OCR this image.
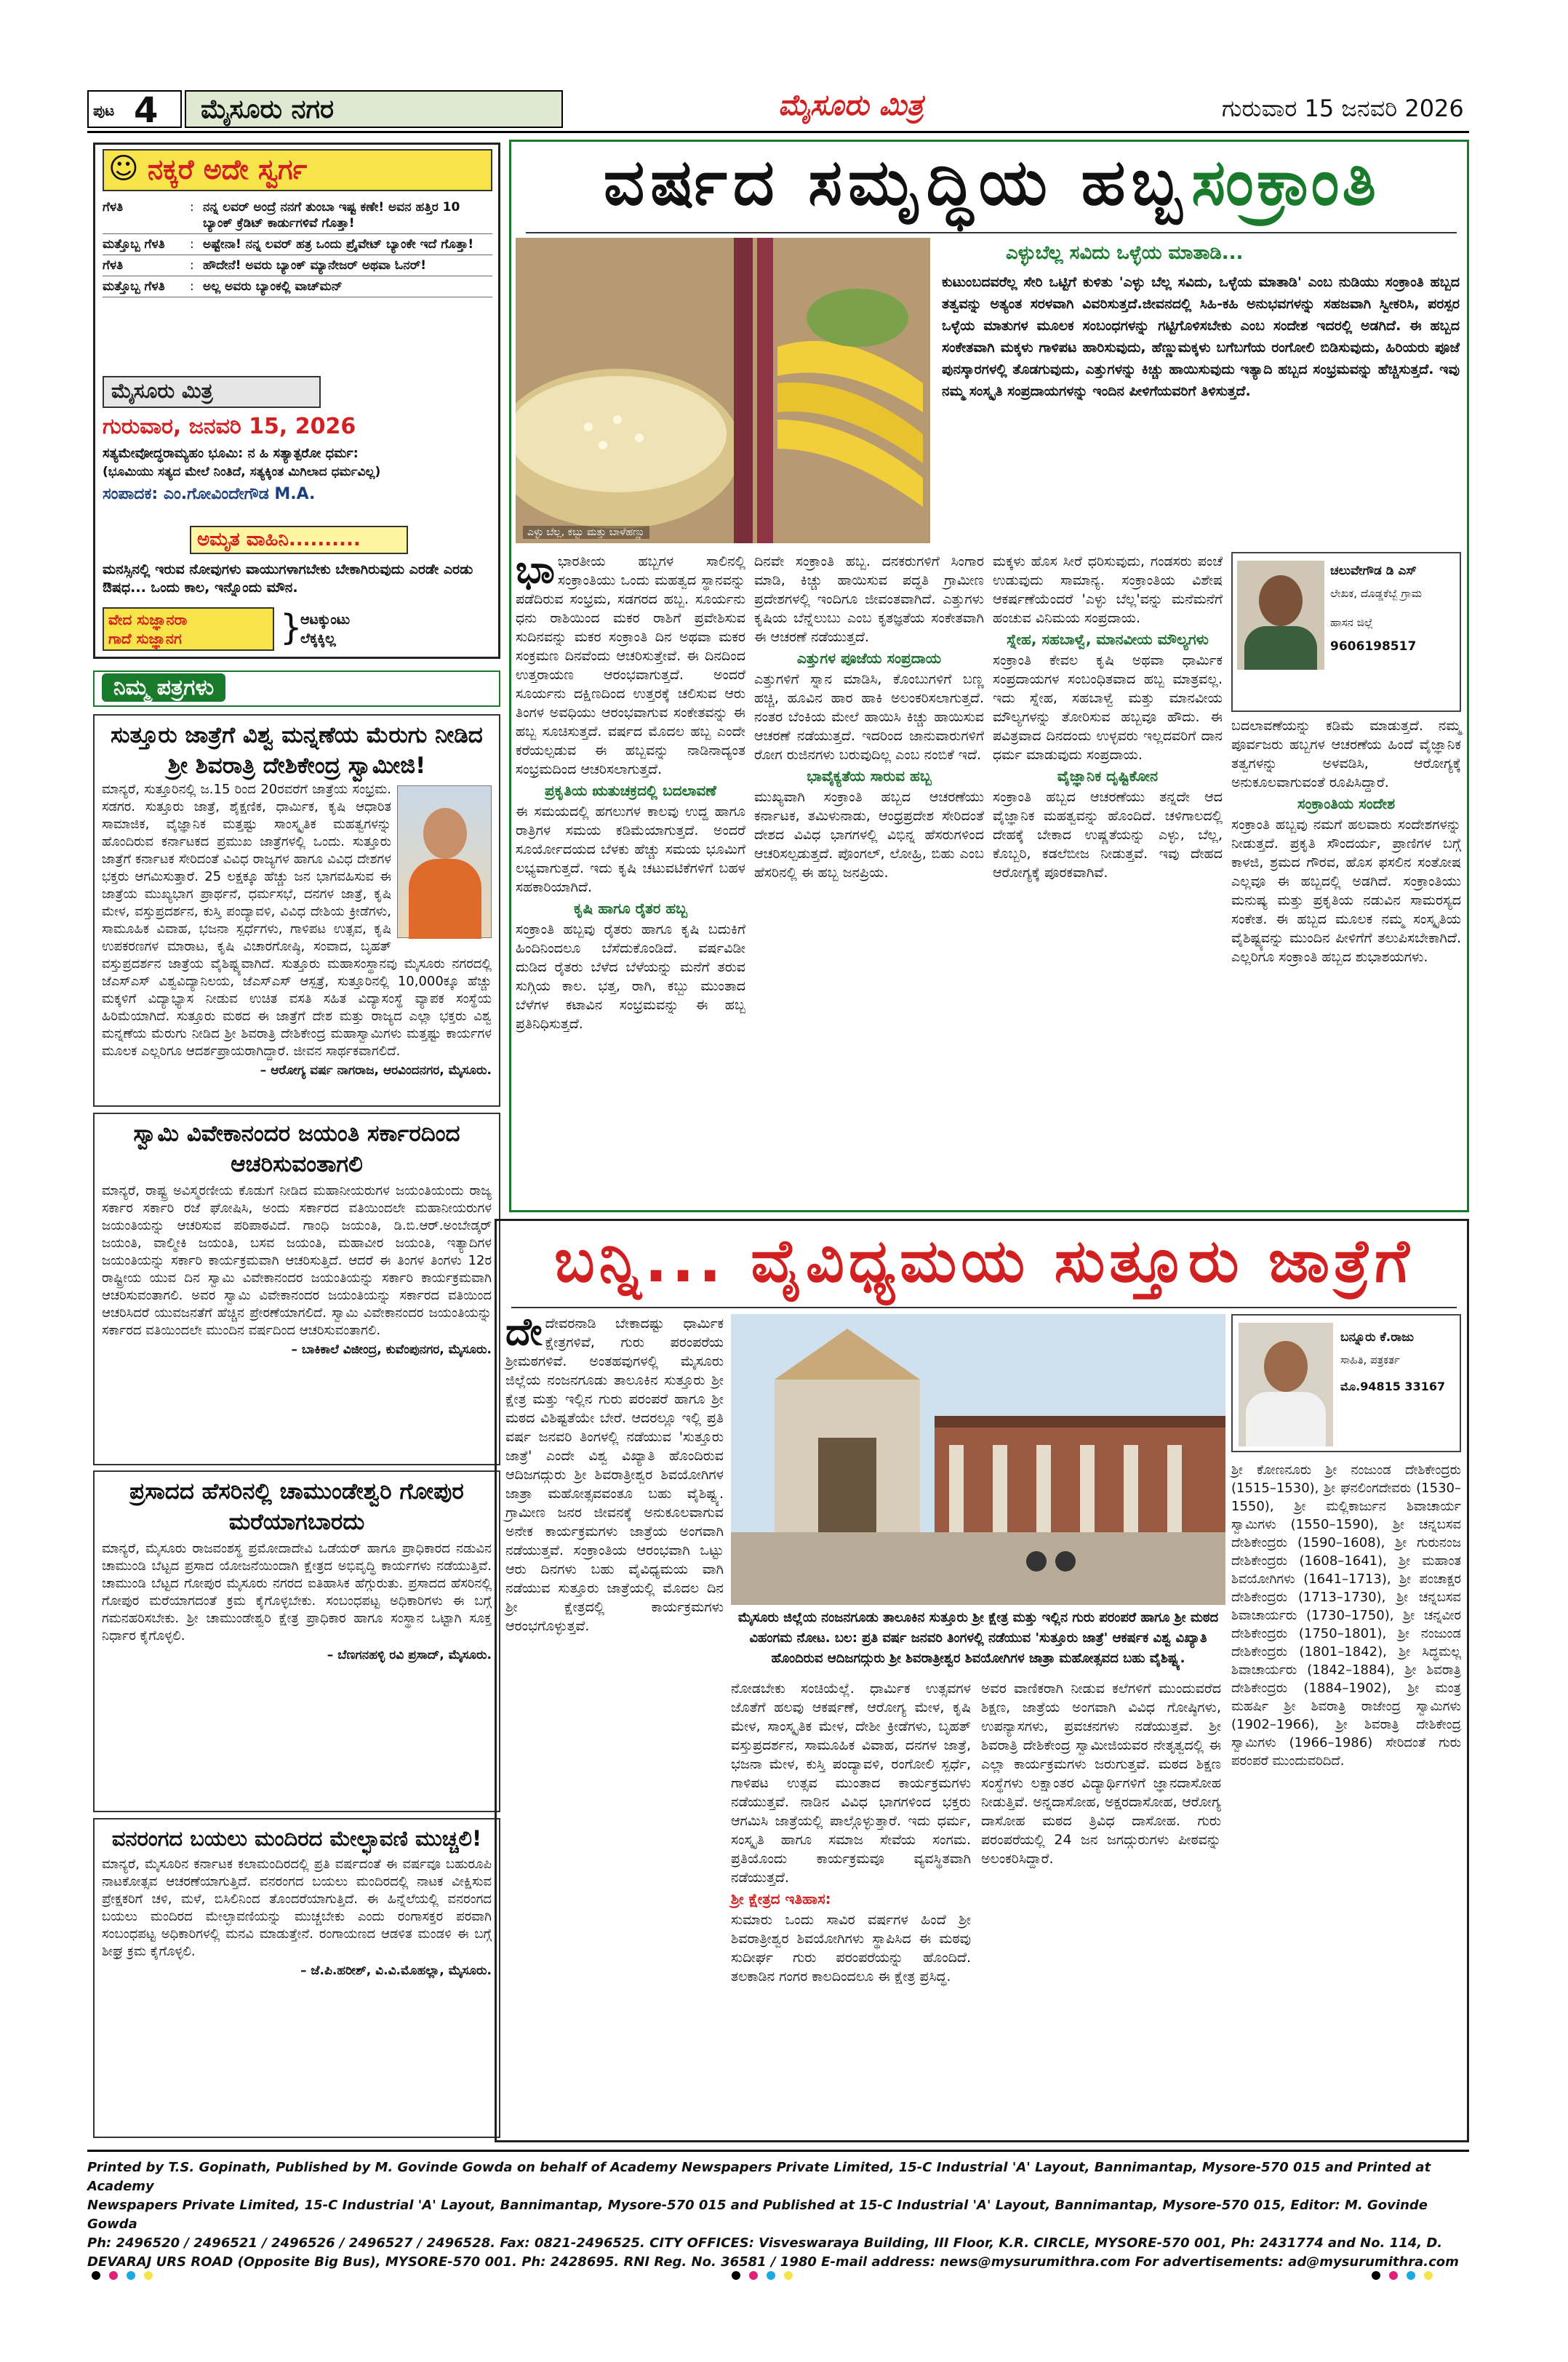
ಪುಟ 4 ಮೈಸೂರು ನಗರ	ಮೈಸೂರು ಮಿತ್ರ	ಗುರುವಾರ 15 ಜನವರಿ 2026
☺ ನಕ್ಕರೆ ಅದೇ ಸ್ವರ್ಗ
ಗೆಳತಿ	: ನನ್ನ ಲವರ್ ಅಂದ್ರೆ ನನಗೆ ತುಂಬಾ ಇಷ್ಟ ಕಣೇ! ಅವನ ಹತ್ತಿರ 10 ಬ್ಯಾಂಕ್ ಕ್ರೆಡಿಟ್ ಕಾರ್ಡುಗಳಿವೆ ಗೊತ್ತಾ!
ಮತ್ತೊಬ್ಬ ಗೆಳತಿ	: ಅಷ್ಟೇನಾ! ನನ್ನ ಲವರ್ ಹತ್ರ ಒಂದು ಪ್ರೈವೇಟ್ ಬ್ಯಾಂಕೇ ಇದೆ ಗೊತ್ತಾ!
ಗೆಳತಿ	: ಹೌದೇನೆ! ಅವರು ಬ್ಯಾಂಕ್ ಮ್ಯಾನೇಜರ್ ಅಥವಾ ಓನರ್!
ಮತ್ತೊಬ್ಬ ಗೆಳತಿ	: ಅಲ್ಲ ಅವರು ಬ್ಯಾಂಕಲ್ಲಿ ವಾಚ್‌ಮನ್
ಮೈಸೂರು ಮಿತ್ರ
ಗುರುವಾರ, ಜನವರಿ 15, 2026
ಸತ್ಯಮೇವೋದ್ಧರಾಮ್ಯಹಂ ಭೂಮಿ: ನ ಹಿ ಸತ್ಯಾತ್ಪರೋ ಧರ್ಮ:
(ಭೂಮಿಯು ಸತ್ಯದ ಮೇಲೆ ನಿಂತಿದೆ, ಸತ್ಯಕ್ಕಿಂತ ಮಿಗಿಲಾದ ಧರ್ಮವಿಲ್ಲ)
ಸಂಪಾದಕ: ಎಂ.ಗೋವಿಂದೇಗೌಡ M.A.
ಅಮೃತ ವಾಹಿನಿ..........
ಮನಸ್ಸಿನಲ್ಲಿ ಇರುವ ನೋವುಗಳು ವಾಯುಗಳಾಗಬೇಕು ಬೇಕಾಗಿರುವುದು ಎರಡೇ ಎರಡು ಔಷಧ... ಒಂದು ಕಾಲ, ಇನ್ನೊಂದು ಮೌನ.
ವೇದ ಸುಜ್ಞಾನರಾ
ಗಾದೆ ಸುಜ್ಞಾನಗ	}
ಆಟಕ್ಕುಂಟು
ಲೆಕ್ಕಕ್ಕಿಲ್ಲ
ನಿಮ್ಮ ಪತ್ರಗಳು
ಸುತ್ತೂರು ಜಾತ್ರೆಗೆ ವಿಶ್ವ ಮನ್ನಣೆಯ ಮೆರುಗು ನೀಡಿದ ಶ್ರೀ ಶಿವರಾತ್ರಿ ದೇಶಿಕೇಂದ್ರ ಸ್ವಾಮೀಜಿ!
ಮಾನ್ಯರೆ, ಸುತ್ತೂರಿನಲ್ಲಿ ಜ.15 ರಿಂದ 20ರವರೆಗೆ ಜಾತ್ರೆಯ ಸಂಭ್ರಮ. ಸಡಗರ. ಸುತ್ತೂರು ಜಾತ್ರೆ, ಶೈಕ್ಷಣಿಕ, ಧಾರ್ಮಿಕ, ಕೃಷಿ ಆಧಾರಿತ ಸಾಮಾಜಿಕ, ವೈಜ್ಞಾನಿಕ ಮತ್ತಷ್ಟು ಸಾಂಸ್ಕೃತಿಕ ಮಹತ್ವಗಳನ್ನು ಹೊಂದಿರುವ ಕರ್ನಾಟಕದ ಪ್ರಮುಖ ಜಾತ್ರೆಗಳಲ್ಲಿ ಒಂದು. ಸುತ್ತೂರು ಜಾತ್ರೆಗೆ ಕರ್ನಾಟಕ ಸೇರಿದಂತೆ ವಿವಿಧ ರಾಜ್ಯಗಳ ಹಾಗೂ ವಿವಿಧ ದೇಶಗಳ ಭಕ್ತರು ಆಗಮಿಸುತ್ತಾರೆ. 25 ಲಕ್ಷಕ್ಕೂ ಹೆಚ್ಚು ಜನ ಭಾಗವಹಿಸುವ ಈ ಜಾತ್ರೆಯ ಮುಖ್ಯಭಾಗ ಪ್ರಾರ್ಥನೆ, ಧರ್ಮಸಭೆ, ದನಗಳ ಜಾತ್ರೆ, ಕೃಷಿ ಮೇಳ, ವಸ್ತುಪ್ರದರ್ಶನ, ಕುಸ್ತಿ ಪಂದ್ಯಾವಳಿ, ವಿವಿಧ ದೇಶಿಯ ಕ್ರೀಡೆಗಳು, ಸಾಮೂಹಿಕ ವಿವಾಹ, ಭಜನಾ ಸ್ಪರ್ಧೆಗಳು, ಗಾಳಿಪಟ ಉತ್ಸವ, ಕೃಷಿ ಉಪಕರಣಗಳ ಮಾರಾಟ, ಕೃಷಿ ವಿಚಾರಗೋಷ್ಠಿ, ಸಂವಾದ, ಬೃಹತ್ ವಸ್ತುಪ್ರದರ್ಶನ ಜಾತ್ರೆಯ ವೈಶಿಷ್ಟ್ಯವಾಗಿದೆ. ಸುತ್ತೂರು ಮಹಾಸಂಸ್ಥಾನವು ಮೈಸೂರು ನಗರದಲ್ಲಿ ಜೆಎಸ್ಎಸ್ ವಿಶ್ವವಿದ್ಯಾನಿಲಯ, ಜೆಎಸ್ಎಸ್ ಆಸ್ಪತ್ರೆ, ಸುತ್ತೂರಿನಲ್ಲಿ 10,000ಕ್ಕೂ ಹೆಚ್ಚು ಮಕ್ಕಳಿಗೆ ವಿದ್ಯಾಭ್ಯಾಸ ನೀಡುವ ಉಚಿತ ವಸತಿ ಸಹಿತ ವಿದ್ಯಾಸಂಸ್ಥೆ ವ್ಯಾಪಕ ಸಂಸ್ಥೆಯ ಹಿರಿಮೆಯಾಗಿದೆ. ಸುತ್ತೂರು ಮಠದ ಈ ಜಾತ್ರೆಗೆ ದೇಶ ಮತ್ತು ರಾಜ್ಯದ ಎಲ್ಲಾ ಭಕ್ತರು ವಿಶ್ವ ಮನ್ನಣೆಯ ಮೆರುಗು ನೀಡಿದ ಶ್ರೀ ಶಿವರಾತ್ರಿ ದೇಶಿಕೇಂದ್ರ ಮಹಾಸ್ವಾಮಿಗಳು ಮತ್ತಷ್ಟು ಕಾರ್ಯಗಳ ಮೂಲಕ ಎಲ್ಲರಿಗೂ ಆದರ್ಶಪ್ರಾಯರಾಗಿದ್ದಾರೆ. ಜೀವನ ಸಾರ್ಥಕವಾಗಲಿದೆ.
– ಆರೋಗ್ಯ ವರ್ಷ ನಾಗರಾಜ, ಆರವಿಂದನಗರ, ಮೈಸೂರು.
ಸ್ವಾಮಿ ವಿವೇಕಾನಂದರ ಜಯಂತಿ ಸರ್ಕಾರದಿಂದ ಆಚರಿಸುವಂತಾಗಲಿ
ಮಾನ್ಯರೆ, ರಾಷ್ಟ್ರ ಅವಿಸ್ಮರಣೀಯ ಕೊಡುಗೆ ನೀಡಿದ ಮಹಾನೀಯರುಗಳ ಜಯಂತಿಯಂದು ರಾಜ್ಯ ಸರ್ಕಾರ ಸರ್ಕಾರಿ ರಜೆ ಘೋಷಿಸಿ, ಅಂದು ಸರ್ಕಾರದ ವತಿಯಿಂದಲೇ ಮಹಾನೀಯರುಗಳ ಜಯಂತಿಯನ್ನು ಆಚರಿಸುವ ಪರಿಪಾಠವಿದೆ. ಗಾಂಧಿ ಜಯಂತಿ, ಡಿ.ಬಿ.ಆರ್.ಅಂಬೇಡ್ಕರ್ ಜಯಂತಿ, ವಾಲ್ಮೀಕಿ ಜಯಂತಿ, ಬಸವ ಜಯಂತಿ, ಮಹಾವೀರ ಜಯಂತಿ, ಇತ್ಯಾದಿಗಳ ಜಯಂತಿಯನ್ನು ಸರ್ಕಾರಿ ಕಾರ್ಯಕ್ರಮವಾಗಿ ಆಚರಿಸುತ್ತಿದೆ. ಆದರೆ ಈ ತಿಂಗಳ ತಿಂಗಳು 12ರ ರಾಷ್ಟ್ರೀಯ ಯುವ ದಿನ ಸ್ವಾಮಿ ವಿವೇಕಾನಂದರ ಜಯಂತಿಯನ್ನು ಸರ್ಕಾರಿ ಕಾರ್ಯಕ್ರಮವಾಗಿ ಆಚರಿಸುವಂತಾಗಲಿ. ಅವರ ಸ್ವಾಮಿ ವಿವೇಕಾನಂದರ ಜಯಂತಿಯನ್ನು ಸರ್ಕಾರದ ವತಿಯಿಂದ ಆಚರಿಸಿದರೆ ಯುವಜನತೆಗೆ ಹೆಚ್ಚಿನ ಪ್ರೇರಣೆಯಾಗಲಿದೆ. ಸ್ವಾಮಿ ವಿವೇಕಾನಂದರ ಜಯಂತಿಯನ್ನು ಸರ್ಕಾರದ ವತಿಯಿಂದಲೇ ಮುಂದಿನ ವರ್ಷದಿಂದ ಆಚರಿಸುವಂತಾಗಲಿ.
– ಬಾಕಿಕಾಲೆ ವಿಜೀಂದ್ರ, ಕುವೆಂಪುನಗರ, ಮೈಸೂರು.
ಪ್ರಸಾದದ ಹೆಸರಿನಲ್ಲಿ ಚಾಮುಂಡೇಶ್ವರಿ ಗೋಪುರ ಮರೆಯಾಗಬಾರದು
ಮಾನ್ಯರೆ, ಮೈಸೂರು ರಾಜವಂಶಸ್ಥ ಪ್ರಮೋದಾದೇವಿ ಒಡೆಯರ್ ಹಾಗೂ ಪ್ರಾಧಿಕಾರದ ನಡುವಿನ ಚಾಮುಂಡಿ ಬೆಟ್ಟದ ಪ್ರಸಾದ ಯೋಜನೆಯಿಂದಾಗಿ ಕ್ಷೇತ್ರದ ಅಭಿವೃದ್ಧಿ ಕಾರ್ಯಗಳು ನಡೆಯುತ್ತಿವೆ. ಚಾಮುಂಡಿ ಬೆಟ್ಟದ ಗೋಪುರ ಮೈಸೂರು ನಗರದ ಐತಿಹಾಸಿಕ ಹೆಗ್ಗುರುತು. ಪ್ರಸಾದದ ಹೆಸರಿನಲ್ಲಿ ಗೋಪುರ ಮರೆಯಾಗದಂತೆ ಕ್ರಮ ಕೈಗೊಳ್ಳಬೇಕು. ಸಂಬಂಧಪಟ್ಟ ಅಧಿಕಾರಿಗಳು ಈ ಬಗ್ಗೆ ಗಮನಹರಿಸಬೇಕು. ಶ್ರೀ ಚಾಮುಂಡೇಶ್ವರಿ ಕ್ಷೇತ್ರ ಪ್ರಾಧಿಕಾರ ಹಾಗೂ ಸಂಸ್ಥಾನ ಒಟ್ಟಾಗಿ ಸೂಕ್ತ ನಿರ್ಧಾರ ಕೈಗೊಳ್ಳಲಿ.
– ಬೆಣಗನಹಳ್ಳಿ ರವಿ ಪ್ರಸಾದ್, ಮೈಸೂರು.
ವನರಂಗದ ಬಯಲು ಮಂದಿರದ ಮೇಲ್ಛಾವಣಿ ಮುಚ್ಚಲಿ!
ಮಾನ್ಯರೆ, ಮೈಸೂರಿನ ಕರ್ನಾಟಕ ಕಲಾಮಂದಿರದಲ್ಲಿ ಪ್ರತಿ ವರ್ಷದಂತೆ ಈ ವರ್ಷವೂ ಬಹುರೂಪಿ ನಾಟಕೋತ್ಸವ ಆಚರಣೆಯಾಗುತ್ತಿದೆ. ವನರಂಗದ ಬಯಲು ಮಂದಿರದಲ್ಲಿ ನಾಟಕ ವೀಕ್ಷಿಸುವ ಪ್ರೇಕ್ಷಕರಿಗೆ ಚಳಿ, ಮಳೆ, ಬಿಸಿಲಿನಿಂದ ತೊಂದರೆಯಾಗುತ್ತಿದೆ. ಈ ಹಿನ್ನೆಲೆಯಲ್ಲಿ ವನರಂಗದ ಬಯಲು ಮಂದಿರದ ಮೇಲ್ಛಾವಣಿಯನ್ನು ಮುಚ್ಚಬೇಕು ಎಂದು ರಂಗಾಸಕ್ತರ ಪರವಾಗಿ ಸಂಬಂಧಪಟ್ಟ ಅಧಿಕಾರಿಗಳಲ್ಲಿ ಮನವಿ ಮಾಡುತ್ತೇನೆ. ರಂಗಾಯಣದ ಆಡಳಿತ ಮಂಡಳಿ ಈ ಬಗ್ಗೆ ಶೀಘ್ರ ಕ್ರಮ ಕೈಗೊಳ್ಳಲಿ.
– ಜೆ.ಪಿ.ಹರೀಶ್, ವಿ.ವಿ.ಮೊಹಲ್ಲಾ, ಮೈಸೂರು.
ವರ್ಷದ ಸಮೃದ್ಧಿಯ ಹಬ್ಬ ಸಂಕ್ರಾಂತಿ
ಎಳ್ಳು ಬೆಲ್ಲ, ಕಬ್ಬು ಮತ್ತು ಬಾಳೆಹಣ್ಣು
ಎಳ್ಳುಬೆಲ್ಲ ಸವಿದು ಒಳ್ಳೆಯ ಮಾತಾಡಿ...
ಕುಟುಂಬದವರೆಲ್ಲ ಸೇರಿ ಒಟ್ಟಿಗೆ ಕುಳಿತು 'ಎಳ್ಳು ಬೆಲ್ಲ ಸವಿದು, ಒಳ್ಳೆಯ ಮಾತಾಡಿ' ಎಂಬ ನುಡಿಯು ಸಂಕ್ರಾಂತಿ ಹಬ್ಬದ ತತ್ವವನ್ನು ಅತ್ಯಂತ ಸರಳವಾಗಿ ವಿವರಿಸುತ್ತದೆ.ಜೀವನದಲ್ಲಿ ಸಿಹಿ-ಕಹಿ ಅನುಭವಗಳನ್ನು ಸಹಜವಾಗಿ ಸ್ವೀಕರಿಸಿ, ಪರಸ್ಪರ ಒಳ್ಳೆಯ ಮಾತುಗಳ ಮೂಲಕ ಸಂಬಂಧಗಳನ್ನು ಗಟ್ಟಿಗೊಳಿಸಬೇಕು ಎಂಬ ಸಂದೇಶ ಇದರಲ್ಲಿ ಅಡಗಿದೆ. ಈ ಹಬ್ಬದ ಸಂಕೇತವಾಗಿ ಮಕ್ಕಳು ಗಾಳಿಪಟ ಹಾರಿಸುವುದು, ಹೆಣ್ಣುಮಕ್ಕಳು ಬಗೆಬಗೆಯ ರಂಗೋಲಿ ಬಿಡಿಸುವುದು, ಹಿರಿಯರು ಪೂಜೆ ಪುನಸ್ಕಾರಗಳಲ್ಲಿ ತೊಡಗುವುದು, ಎತ್ತುಗಳನ್ನು ಕಿಚ್ಚು ಹಾಯಿಸುವುದು ಇತ್ಯಾದಿ ಹಬ್ಬದ ಸಂಭ್ರಮವನ್ನು ಹೆಚ್ಚಿಸುತ್ತದೆ. ಇವು ನಮ್ಮ ಸಂಸ್ಕೃತಿ ಸಂಪ್ರದಾಯಗಳನ್ನು ಇಂದಿನ ಪೀಳಿಗೆಯವರಿಗೆ ತಿಳಿಸುತ್ತದೆ.
ಭಾಭಾರತೀಯ ಹಬ್ಬಗಳ ಸಾಲಿನಲ್ಲಿ ಸಂಕ್ರಾಂತಿಯು ಒಂದು ಮಹತ್ವದ ಸ್ಥಾನವನ್ನು ಪಡೆದಿರುವ ಸಂಭ್ರಮ, ಸಡಗರದ ಹಬ್ಬ. ಸೂರ್ಯನು ಧನು ರಾಶಿಯಿಂದ ಮಕರ ರಾಶಿಗೆ ಪ್ರವೇಶಿಸುವ ಸುದಿನವನ್ನು ಮಕರ ಸಂಕ್ರಾಂತಿ ದಿನ ಅಥವಾ ಮಕರ ಸಂಕ್ರಮಣ ದಿನವೆಂದು ಆಚರಿಸುತ್ತೇವೆ. ಈ ದಿನದಿಂದ ಉತ್ತರಾಯಣ ಆರಂಭವಾಗುತ್ತದೆ. ಅಂದರೆ ಸೂರ್ಯನು ದಕ್ಷಿಣದಿಂದ ಉತ್ತರಕ್ಕೆ ಚಲಿಸುವ ಆರು ತಿಂಗಳ ಅವಧಿಯು ಆರಂಭವಾಗುವ ಸಂಕೇತವನ್ನು ಈ ಹಬ್ಬ ಸೂಚಿಸುತ್ತದೆ. ವರ್ಷದ ಮೊದಲ ಹಬ್ಬ ಎಂದೇ ಕರೆಯಲ್ಪಡುವ ಈ ಹಬ್ಬವನ್ನು ನಾಡಿನಾದ್ಯಂತ ಸಂಭ್ರಮದಿಂದ ಆಚರಿಸಲಾಗುತ್ತದೆ.
ಪ್ರಕೃತಿಯ ಋತುಚಕ್ರದಲ್ಲಿ ಬದಲಾವಣೆ
ಈ ಸಮಯದಲ್ಲಿ ಹಗಲುಗಳ ಕಾಲವು ಉದ್ದ ಹಾಗೂ ರಾತ್ರಿಗಳ ಸಮಯ ಕಡಿಮೆಯಾಗುತ್ತದೆ. ಅಂದರೆ ಸೂರ್ಯೋದಯದ ಬೆಳಕು ಹೆಚ್ಚು ಸಮಯ ಭೂಮಿಗೆ ಲಭ್ಯವಾಗುತ್ತದೆ. ಇದು ಕೃಷಿ ಚಟುವಟಿಕೆಗಳಿಗೆ ಬಹಳ ಸಹಕಾರಿಯಾಗಿದೆ.
ಕೃಷಿ ಹಾಗೂ ರೈತರ ಹಬ್ಬ
ಸಂಕ್ರಾಂತಿ ಹಬ್ಬವು ರೈತರು ಹಾಗೂ ಕೃಷಿ ಬದುಕಿಗೆ ಹಿಂದಿನಿಂದಲೂ ಬೆಸೆದುಕೊಂಡಿದೆ. ವರ್ಷವಿಡೀ ದುಡಿದ ರೈತರು ಬೆಳೆದ ಬೆಳೆಯನ್ನು ಮನೆಗೆ ತರುವ ಸುಗ್ಗಿಯ ಕಾಲ. ಭತ್ತ, ರಾಗಿ, ಕಬ್ಬು ಮುಂತಾದ ಬೆಳೆಗಳ ಕಟಾವಿನ ಸಂಭ್ರಮವನ್ನು ಈ ಹಬ್ಬ ಪ್ರತಿನಿಧಿಸುತ್ತದೆ.
ದಿನವೇ ಸಂಕ್ರಾಂತಿ ಹಬ್ಬ. ದನಕರುಗಳಿಗೆ ಸಿಂಗಾರ ಮಾಡಿ, ಕಿಚ್ಚು ಹಾಯಿಸುವ ಪದ್ಧತಿ ಗ್ರಾಮೀಣ ಪ್ರದೇಶಗಳಲ್ಲಿ ಇಂದಿಗೂ ಜೀವಂತವಾಗಿದೆ. ಎತ್ತುಗಳು ಕೃಷಿಯ ಬೆನ್ನೆಲುಬು ಎಂಬ ಕೃತಜ್ಞತೆಯ ಸಂಕೇತವಾಗಿ ಈ ಆಚರಣೆ ನಡೆಯುತ್ತದೆ.
ಎತ್ತುಗಳ ಪೂಜೆಯ ಸಂಪ್ರದಾಯ
ಎತ್ತುಗಳಿಗೆ ಸ್ನಾನ ಮಾಡಿಸಿ, ಕೊಂಬುಗಳಿಗೆ ಬಣ್ಣ ಹಚ್ಚಿ, ಹೂವಿನ ಹಾರ ಹಾಕಿ ಅಲಂಕರಿಸಲಾಗುತ್ತದೆ. ನಂತರ ಬೆಂಕಿಯ ಮೇಲೆ ಹಾಯಿಸಿ ಕಿಚ್ಚು ಹಾಯಿಸುವ ಆಚರಣೆ ನಡೆಯುತ್ತದೆ. ಇದರಿಂದ ಜಾನುವಾರುಗಳಿಗೆ ರೋಗ ರುಜಿನಗಳು ಬರುವುದಿಲ್ಲ ಎಂಬ ನಂಬಿಕೆ ಇದೆ.
ಭಾವೈಕ್ಯತೆಯ ಸಾರುವ ಹಬ್ಬ
ಮುಖ್ಯವಾಗಿ ಸಂಕ್ರಾಂತಿ ಹಬ್ಬದ ಆಚರಣೆಯು ಕರ್ನಾಟಕ, ತಮಿಳುನಾಡು, ಆಂಧ್ರಪ್ರದೇಶ ಸೇರಿದಂತೆ ದೇಶದ ವಿವಿಧ ಭಾಗಗಳಲ್ಲಿ ವಿಭಿನ್ನ ಹೆಸರುಗಳಿಂದ ಆಚರಿಸಲ್ಪಡುತ್ತದೆ. ಪೊಂಗಲ್, ಲೋಹ್ರಿ, ಬಿಹು ಎಂಬ ಹೆಸರಿನಲ್ಲಿ ಈ ಹಬ್ಬ ಜನಪ್ರಿಯ.
ಮಕ್ಕಳು ಹೊಸ ಸೀರೆ ಧರಿಸುವುದು, ಗಂಡಸರು ಪಂಚೆ ಉಡುವುದು ಸಾಮಾನ್ಯ. ಸಂಕ್ರಾಂತಿಯ ವಿಶೇಷ ಆಕರ್ಷಣೆಯೆಂದರೆ 'ಎಳ್ಳು ಬೆಲ್ಲ'ವನ್ನು ಮನೆಮನೆಗೆ ಹಂಚುವ ವಿನಿಮಯ ಸಂಪ್ರದಾಯ.
ಸ್ನೇಹ, ಸಹಬಾಳ್ವೆ, ಮಾನವೀಯ ಮೌಲ್ಯಗಳು
ಸಂಕ್ರಾಂತಿ ಕೇವಲ ಕೃಷಿ ಅಥವಾ ಧಾರ್ಮಿಕ ಸಂಪ್ರದಾಯಗಳ ಸಂಬಂಧಿತವಾದ ಹಬ್ಬ ಮಾತ್ರವಲ್ಲ. ಇದು ಸ್ನೇಹ, ಸಹಬಾಳ್ವೆ ಮತ್ತು ಮಾನವೀಯ ಮೌಲ್ಯಗಳನ್ನು ತೋರಿಸುವ ಹಬ್ಬವೂ ಹೌದು. ಈ ಪವಿತ್ರವಾದ ದಿನದಂದು ಉಳ್ಳವರು ಇಲ್ಲದವರಿಗೆ ದಾನ ಧರ್ಮ ಮಾಡುವುದು ಸಂಪ್ರದಾಯ.
ವೈಜ್ಞಾನಿಕ ದೃಷ್ಟಿಕೋನ
ಸಂಕ್ರಾಂತಿ ಹಬ್ಬದ ಆಚರಣೆಯು ತನ್ನದೇ ಆದ ವೈಜ್ಞಾನಿಕ ಮಹತ್ವವನ್ನು ಹೊಂದಿದೆ. ಚಳಿಗಾಲದಲ್ಲಿ ದೇಹಕ್ಕೆ ಬೇಕಾದ ಉಷ್ಣತೆಯನ್ನು ಎಳ್ಳು, ಬೆಲ್ಲ, ಕೊಬ್ಬರಿ, ಕಡಲೆಬೀಜ ನೀಡುತ್ತವೆ. ಇವು ದೇಹದ ಆರೋಗ್ಯಕ್ಕೆ ಪೂರಕವಾಗಿವೆ.
ಚಲುವೇಗೌಡ ಡಿ ಎಸ್
ಲೇಖಕ, ದೊಡ್ಡಕೆಬ್ಬೆ ಗ್ರಾಮ
ಹಾಸನ ಜಿಲ್ಲೆ
9606198517
ಬದಲಾವಣೆಯನ್ನು ಕಡಿಮೆ ಮಾಡುತ್ತದೆ. ನಮ್ಮ ಪೂರ್ವಜರು ಹಬ್ಬಗಳ ಆಚರಣೆಯ ಹಿಂದೆ ವೈಜ್ಞಾನಿಕ ತತ್ವಗಳನ್ನು ಅಳವಡಿಸಿ, ಆರೋಗ್ಯಕ್ಕೆ ಅನುಕೂಲವಾಗುವಂತೆ ರೂಪಿಸಿದ್ದಾರೆ.
ಸಂಕ್ರಾಂತಿಯ ಸಂದೇಶ
ಸಂಕ್ರಾಂತಿ ಹಬ್ಬವು ನಮಗೆ ಹಲವಾರು ಸಂದೇಶಗಳನ್ನು ನೀಡುತ್ತದೆ. ಪ್ರಕೃತಿ ಸೌಂದರ್ಯ, ಪ್ರಾಣಿಗಳ ಬಗ್ಗೆ ಕಾಳಜಿ, ಶ್ರಮದ ಗೌರವ, ಹೊಸ ಫಸಲಿನ ಸಂತೋಷ ಎಲ್ಲವೂ ಈ ಹಬ್ಬದಲ್ಲಿ ಅಡಗಿದೆ. ಸಂಕ್ರಾಂತಿಯು ಮನುಷ್ಯ ಮತ್ತು ಪ್ರಕೃತಿಯ ನಡುವಿನ ಸಾಮರಸ್ಯದ ಸಂಕೇತ. ಈ ಹಬ್ಬದ ಮೂಲಕ ನಮ್ಮ ಸಂಸ್ಕೃತಿಯ ವೈಶಿಷ್ಟ್ಯವನ್ನು ಮುಂದಿನ ಪೀಳಿಗೆಗೆ ತಲುಪಿಸಬೇಕಾಗಿದೆ. ಎಲ್ಲರಿಗೂ ಸಂಕ್ರಾಂತಿ ಹಬ್ಬದ ಶುಭಾಶಯಗಳು.
ಬನ್ನಿ... ವೈವಿಧ್ಯಮಯ ಸುತ್ತೂರು ಜಾತ್ರೆಗೆ
ದೇದೇವರನಾಡಿ ಬೇಕಾದಷ್ಟು ಧಾರ್ಮಿಕ ಕ್ಷೇತ್ರಗಳಿವೆ, ಗುರು ಪರಂಪರೆಯ ಶ್ರೀಮಠಗಳಿವೆ. ಅಂತಹವುಗಳಲ್ಲಿ ಮೈಸೂರು ಜಿಲ್ಲೆಯ ನಂಜನಗೂಡು ತಾಲೂಕಿನ ಸುತ್ತೂರು ಶ್ರೀ ಕ್ಷೇತ್ರ ಮತ್ತು ಇಲ್ಲಿನ ಗುರು ಪರಂಪರೆ ಹಾಗೂ ಶ್ರೀ ಮಠದ ವಿಶಿಷ್ಟತೆಯೇ ಬೇರೆ. ಆದರಲ್ಲೂ ಇಲ್ಲಿ ಪ್ರತಿ ವರ್ಷ ಜನವರಿ ತಿಂಗಳಲ್ಲಿ ನಡೆಯುವ 'ಸುತ್ತೂರು ಜಾತ್ರೆ' ಎಂದೇ ವಿಶ್ವ ವಿಖ್ಯಾತಿ ಹೊಂದಿರುವ ಆದಿಜಗದ್ಗುರು ಶ್ರೀ ಶಿವರಾತ್ರೀಶ್ವರ ಶಿವಯೋಗಿಗಳ ಜಾತ್ರಾ ಮಹೋತ್ಸವವಂತೂ ಬಹು ವೈಶಿಷ್ಟ್ಯ. ಗ್ರಾಮೀಣ ಜನರ ಜೀವನಕ್ಕೆ ಅನುಕೂಲವಾಗುವ ಅನೇಕ ಕಾರ್ಯಕ್ರಮಗಳು ಜಾತ್ರೆಯ ಅಂಗವಾಗಿ ನಡೆಯುತ್ತವೆ. ಸಂಕ್ರಾಂತಿಯ ಆರಂಭವಾಗಿ ಒಟ್ಟು ಆರು ದಿನಗಳು ಬಹು ವೈವಿಧ್ಯಮಯ ವಾಗಿ ನಡೆಯುವ ಸುತ್ತೂರು ಜಾತ್ರೆಯಲ್ಲಿ ಮೊದಲ ದಿನ ಶ್ರೀ ಕ್ಷೇತ್ರದಲ್ಲಿ ಕಾರ್ಯಕ್ರಮಗಳು ಆರಂಭಗೊಳ್ಳುತ್ತವೆ.
ಮೈಸೂರು ಜಿಲ್ಲೆಯ ನಂಜನಗೂಡು ತಾಲೂಕಿನ ಸುತ್ತೂರು ಶ್ರೀ ಕ್ಷೇತ್ರ ಮತ್ತು ಇಲ್ಲಿನ ಗುರು ಪರಂಪರೆ ಹಾಗೂ ಶ್ರೀ ಮಠದ ವಿಹಂಗಮ ನೋಟ. ಬಲ: ಪ್ರತಿ ವರ್ಷ ಜನವರಿ ತಿಂಗಳಲ್ಲಿ ನಡೆಯುವ 'ಸುತ್ತೂರು ಜಾತ್ರೆ' ಆಕರ್ಷಕ ವಿಶ್ವ ವಿಖ್ಯಾತಿ ಹೊಂದಿರುವ ಆದಿಜಗದ್ಗುರು ಶ್ರೀ ಶಿವರಾತ್ರೀಶ್ವರ ಶಿವಯೋಗಿಗಳ ಜಾತ್ರಾ ಮಹೋತ್ಸವದ ಬಹು ವೈಶಿಷ್ಟ್ಯ.
ಬನ್ನೂರು ಕೆ.ರಾಜು
ಸಾಹಿತಿ, ಪತ್ರಕರ್ತ
ಮೊ.94815 33167
ಶ್ರೀ ಕೋಣನೂರು ಶ್ರೀ ನಂಜುಂಡ ದೇಶಿಕೇಂದ್ರರು (1515–1530), ಶ್ರೀ ಘನಲಿಂಗದೇವರು (1530–1550), ಶ್ರೀ ಮಲ್ಲಿಕಾರ್ಜುನ ಶಿವಾಚಾರ್ಯ ಸ್ವಾಮಿಗಳು (1550–1590), ಶ್ರೀ ಚನ್ನಬಸವ ದೇಶಿಕೇಂದ್ರರು (1590–1608), ಶ್ರೀ ಗುರುನಂಜ ದೇಶಿಕೇಂದ್ರರು (1608–1641), ಶ್ರೀ ಮಹಾಂತ ಶಿವಯೋಗಿಗಳು (1641–1713), ಶ್ರೀ ಪಂಚಾಕ್ಷರ ದೇಶಿಕೇಂದ್ರರು (1713–1730), ಶ್ರೀ ಚನ್ನಬಸವ ಶಿವಾಚಾರ್ಯರು (1730–1750), ಶ್ರೀ ಚನ್ನವೀರ ದೇಶಿಕೇಂದ್ರರು (1750–1801), ಶ್ರೀ ನಂಜುಂಡ ದೇಶಿಕೇಂದ್ರರು (1801–1842), ಶ್ರೀ ಸಿದ್ಧಮಲ್ಲ ಶಿವಾಚಾರ್ಯರು (1842–1884), ಶ್ರೀ ಶಿವರಾತ್ರಿ ದೇಶಿಕೇಂದ್ರರು (1884–1902), ಶ್ರೀ ಮಂತ್ರ ಮಹರ್ಷಿ ಶ್ರೀ ಶಿವರಾತ್ರಿ ರಾಜೇಂದ್ರ ಸ್ವಾಮಿಗಳು (1902–1966), ಶ್ರೀ ಶಿವರಾತ್ರಿ ದೇಶಿಕೇಂದ್ರ ಸ್ವಾಮಿಗಳು (1966–1986) ಸೇರಿದಂತೆ ಗುರು ಪರಂಪರೆ ಮುಂದುವರಿದಿದೆ.
ನೋಡಬೇಕು ಸಂಚಿಯೆಲ್ಲೆ. ಧಾರ್ಮಿಕ ಉತ್ಸವಗಳ ಜೊತೆಗೆ ಹಲವು ಆಕರ್ಷಣೆ, ಆರೋಗ್ಯ ಮೇಳ, ಕೃಷಿ ಮೇಳ, ಸಾಂಸ್ಕೃತಿಕ ಮೇಳ, ದೇಶೀ ಕ್ರೀಡೆಗಳು, ಬೃಹತ್ ವಸ್ತುಪ್ರದರ್ಶನ, ಸಾಮೂಹಿಕ ವಿವಾಹ, ದನಗಳ ಜಾತ್ರೆ, ಭಜನಾ ಮೇಳ, ಕುಸ್ತಿ ಪಂದ್ಯಾವಳಿ, ರಂಗೋಲಿ ಸ್ಪರ್ಧೆ, ಗಾಳಿಪಟ ಉತ್ಸವ ಮುಂತಾದ ಕಾರ್ಯಕ್ರಮಗಳು ನಡೆಯುತ್ತವೆ. ನಾಡಿನ ವಿವಿಧ ಭಾಗಗಳಿಂದ ಭಕ್ತರು ಆಗಮಿಸಿ ಜಾತ್ರೆಯಲ್ಲಿ ಪಾಲ್ಗೊಳ್ಳುತ್ತಾರೆ. ಇದು ಧರ್ಮ, ಸಂಸ್ಕೃತಿ ಹಾಗೂ ಸಮಾಜ ಸೇವೆಯ ಸಂಗಮ. ಪ್ರತಿಯೊಂದು ಕಾರ್ಯಕ್ರಮವೂ ವ್ಯವಸ್ಥಿತವಾಗಿ ನಡೆಯುತ್ತದೆ.
ಶ್ರೀ ಕ್ಷೇತ್ರದ ಇತಿಹಾಸ:
ಸುಮಾರು ಒಂದು ಸಾವಿರ ವರ್ಷಗಳ ಹಿಂದೆ ಶ್ರೀ ಶಿವರಾತ್ರೀಶ್ವರ ಶಿವಯೋಗಿಗಳು ಸ್ಥಾಪಿಸಿದ ಈ ಮಠವು ಸುದೀರ್ಘ ಗುರು ಪರಂಪರೆಯನ್ನು ಹೊಂದಿದೆ. ತಲಕಾಡಿನ ಗಂಗರ ಕಾಲದಿಂದಲೂ ಈ ಕ್ಷೇತ್ರ ಪ್ರಸಿದ್ಧ.
ಅವರ ವಾಣಿಕರಾಗಿ ನೀಡುವ ಕಲೆಗಳಿಗೆ ಮುಂದುವರೆದ ಶಿಕ್ಷಣ, ಜಾತ್ರೆಯ ಅಂಗವಾಗಿ ವಿವಿಧ ಗೋಷ್ಠಿಗಳು, ಉಪನ್ಯಾಸಗಳು, ಪ್ರವಚನಗಳು ನಡೆಯುತ್ತವೆ. ಶ್ರೀ ಶಿವರಾತ್ರಿ ದೇಶಿಕೇಂದ್ರ ಸ್ವಾಮೀಜಿಯವರ ನೇತೃತ್ವದಲ್ಲಿ ಈ ಎಲ್ಲಾ ಕಾರ್ಯಕ್ರಮಗಳು ಜರುಗುತ್ತವೆ. ಮಠದ ಶಿಕ್ಷಣ ಸಂಸ್ಥೆಗಳು ಲಕ್ಷಾಂತರ ವಿದ್ಯಾರ್ಥಿಗಳಿಗೆ ಜ್ಞಾನದಾಸೋಹ ನೀಡುತ್ತಿವೆ. ಅನ್ನದಾಸೋಹ, ಅಕ್ಷರದಾಸೋಹ, ಆರೋಗ್ಯ ದಾಸೋಹ ಮಠದ ತ್ರಿವಿಧ ದಾಸೋಹ. ಗುರು ಪರಂಪರೆಯಲ್ಲಿ 24 ಜನ ಜಗದ್ಗುರುಗಳು ಪೀಠವನ್ನು ಅಲಂಕರಿಸಿದ್ದಾರೆ.
Printed by T.S. Gopinath, Published by M. Govinde Gowda on behalf of Academy Newspapers Private Limited, 15-C Industrial 'A' Layout, Bannimantap, Mysore-570 015 and Printed at Academy
Newspapers Private Limited, 15-C Industrial 'A' Layout, Bannimantap, Mysore-570 015 and Published at 15-C Industrial 'A' Layout, Bannimantap, Mysore-570 015, Editor: M. Govinde Gowda
Ph: 2496520 / 2496521 / 2496526 / 2496527 / 2496528. Fax: 0821-2496525. CITY OFFICES: Visveswaraya Building, III Floor, K.R. CIRCLE, MYSORE-570 001, Ph: 2431774 and No. 114, D.
DEVARAJ URS ROAD (Opposite Big Bus), MYSORE-570 001. Ph: 2428695. RNI Reg. No. 36581 / 1980 E-mail address: news@mysurumithra.com For advertisements: ad@mysurumithra.com
